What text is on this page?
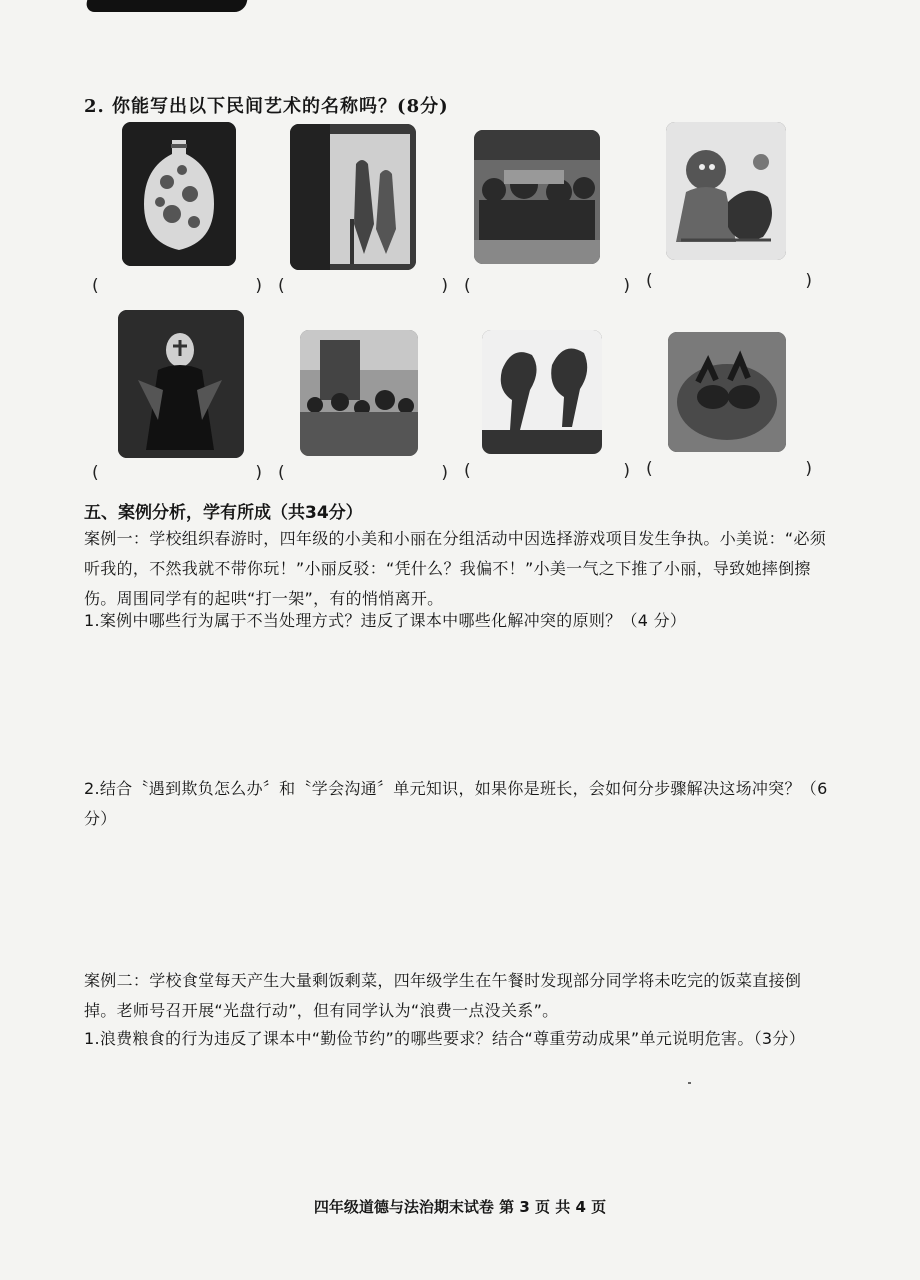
2. 你能写出以下民间艺术的名称吗？(8分)
(	) (	) (	) (	)
(	) (	) (	) (	)
五、案例分析，学有所成（共34分）
案例一：学校组织春游时，四年级的小美和小丽在分组活动中因选择游戏项目发生争执。小美说：“必须听我的，不然我就不带你玩！”小丽反驳：“凭什么？我偏不！”小美一气之下推了小丽，导致她摔倒擦伤。周围同学有的起哄“打一架”，有的悄悄离开。
1.案例中哪些行为属于不当处理方式？违反了课本中哪些化解冲突的原则？（4 分）
2.结合〝遇到欺负怎么办〞和〝学会沟通〞单元知识，如果你是班长，会如何分步骤解决这场冲突？（6 分）
案例二：学校食堂每天产生大量剩饭剩菜，四年级学生在午餐时发现部分同学将未吃完的饭菜直接倒掉。老师号召开展“光盘行动”，但有同学认为“浪费一点没关系”。
1.浪费粮食的行为违反了课本中“勤俭节约”的哪些要求？结合“尊重劳动成果”单元说明危害。（3分）
四年级道德与法治期末试卷 第 3 页 共 4 页
